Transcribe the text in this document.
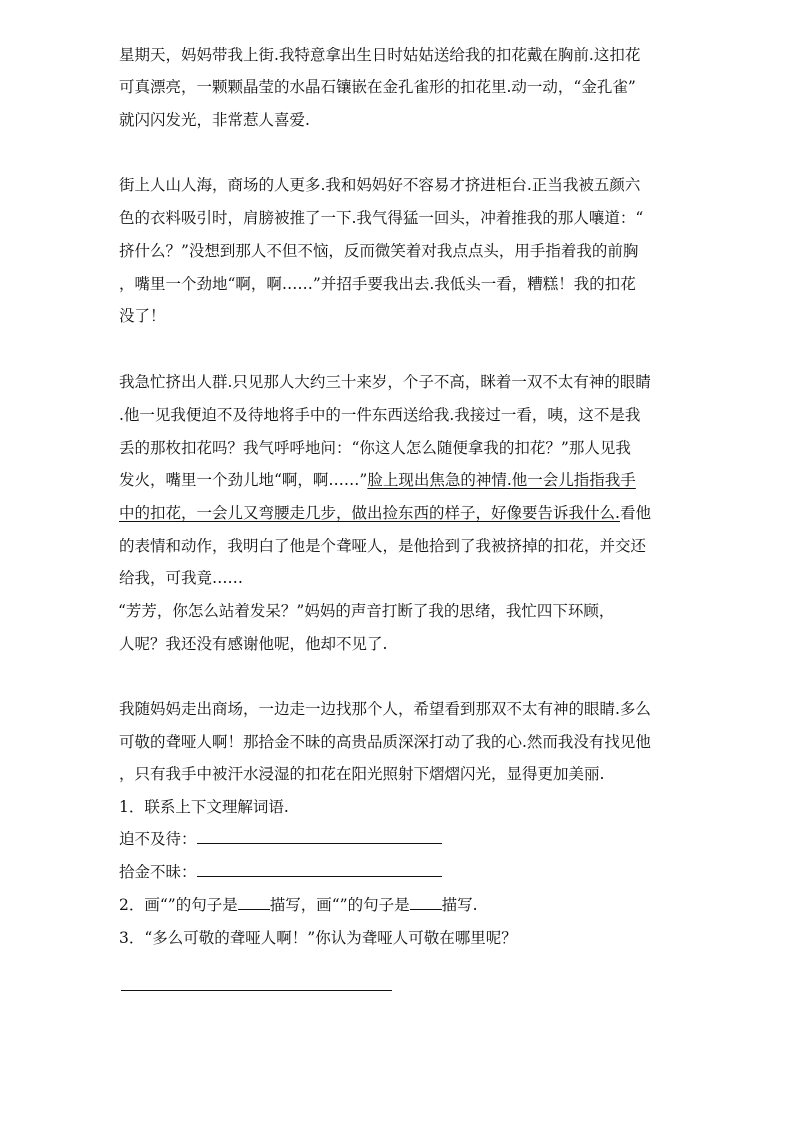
星期天，妈妈带我上街.我特意拿出生日时姑姑送给我的扣花戴在胸前.这扣花
可真漂亮，一颗颗晶莹的水晶石镶嵌在金孔雀形的扣花里.动一动，“金孔雀”
就闪闪发光，非常惹人喜爱.
街上人山人海，商场的人更多.我和妈妈好不容易才挤进柜台.正当我被五颜六
色的衣料吸引时，肩膀被推了一下.我气得猛一回头，冲着推我的那人嚷道：“
挤什么？”没想到那人不但不恼，反而微笑着对我点点头，用手指着我的前胸
，嘴里一个劲地“啊，啊……”并招手要我出去.我低头一看，糟糕！我的扣花
没了！
我急忙挤出人群.只见那人大约三十来岁，个子不高，眯着一双不太有神的眼睛
.他一见我便迫不及待地将手中的一件东西送给我.我接过一看，咦，这不是我
丢的那枚扣花吗？我气呼呼地问：“你这人怎么随便拿我的扣花？”那人见我
发火，嘴里一个劲儿地“啊，啊……”脸上现出焦急的神情.他一会儿指指我手
中的扣花，一会儿又弯腰走几步，做出捡东西的样子，好像要告诉我什么.看他
的表情和动作，我明白了他是个聋哑人，是他拾到了我被挤掉的扣花，并交还
给我，可我竟……
“芳芳，你怎么站着发呆？”妈妈的声音打断了我的思绪，我忙四下环顾，
人呢？我还没有感谢他呢，他却不见了.
我随妈妈走出商场，一边走一边找那个人，希望看到那双不太有神的眼睛.多么
可敬的聋哑人啊！那拾金不昧的高贵品质深深打动了我的心.然而我没有找见他
，只有我手中被汗水浸湿的扣花在阳光照射下熠熠闪光，显得更加美丽.
1．联系上下文理解词语.
迫不及待：
拾金不昧：
2．画“”的句子是 描写，画“”的句子是 描写.
3．“多么可敬的聋哑人啊！”你认为聋哑人可敬在哪里呢？
